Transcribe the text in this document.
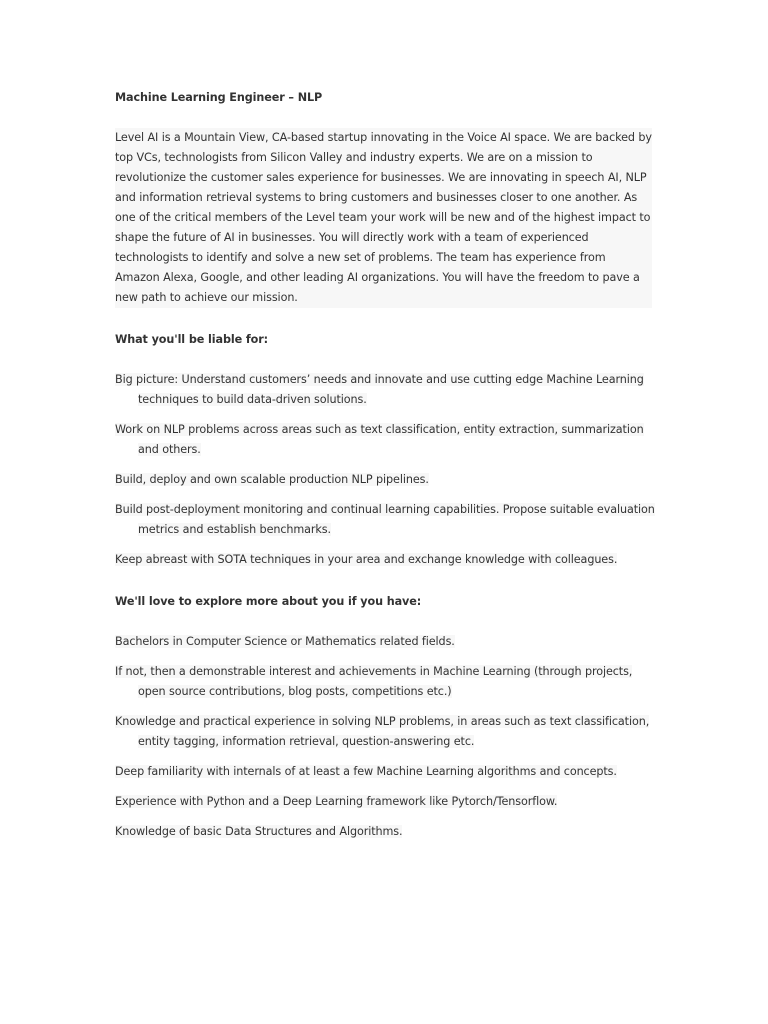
Machine Learning Engineer – NLP

Level AI is a Mountain View, CA-based startup innovating in the Voice AI space. We are backed by top VCs, technologists from Silicon Valley and industry experts. We are on a mission to revolutionize the customer sales experience for businesses. We are innovating in speech AI, NLP and information retrieval systems to bring customers and businesses closer to one another. As one of the critical members of the Level team your work will be new and of the highest impact to shape the future of AI in businesses. You will directly work with a team of experienced technologists to identify and solve a new set of problems. The team has experience from Amazon Alexa, Google, and other leading AI organizations. You will have the freedom to pave a new path to achieve our mission.

What you'll be liable for:

Big picture: Understand customers’ needs and innovate and use cutting edge Machine Learning techniques to build data-driven solutions.
Work on NLP problems across areas such as text classification, entity extraction, summarization and others.
Build, deploy and own scalable production NLP pipelines.
Build post-deployment monitoring and continual learning capabilities. Propose suitable evaluation metrics and establish benchmarks.
Keep abreast with SOTA techniques in your area and exchange knowledge with colleagues.

We'll love to explore more about you if you have:

Bachelors in Computer Science or Mathematics related fields.
If not, then a demonstrable interest and achievements in Machine Learning (through projects, open source contributions, blog posts, competitions etc.)
Knowledge and practical experience in solving NLP problems, in areas such as text classification, entity tagging, information retrieval, question-answering etc.
Deep familiarity with internals of at least a few Machine Learning algorithms and concepts.
Experience with Python and a Deep Learning framework like Pytorch/Tensorflow.
Knowledge of basic Data Structures and Algorithms.
